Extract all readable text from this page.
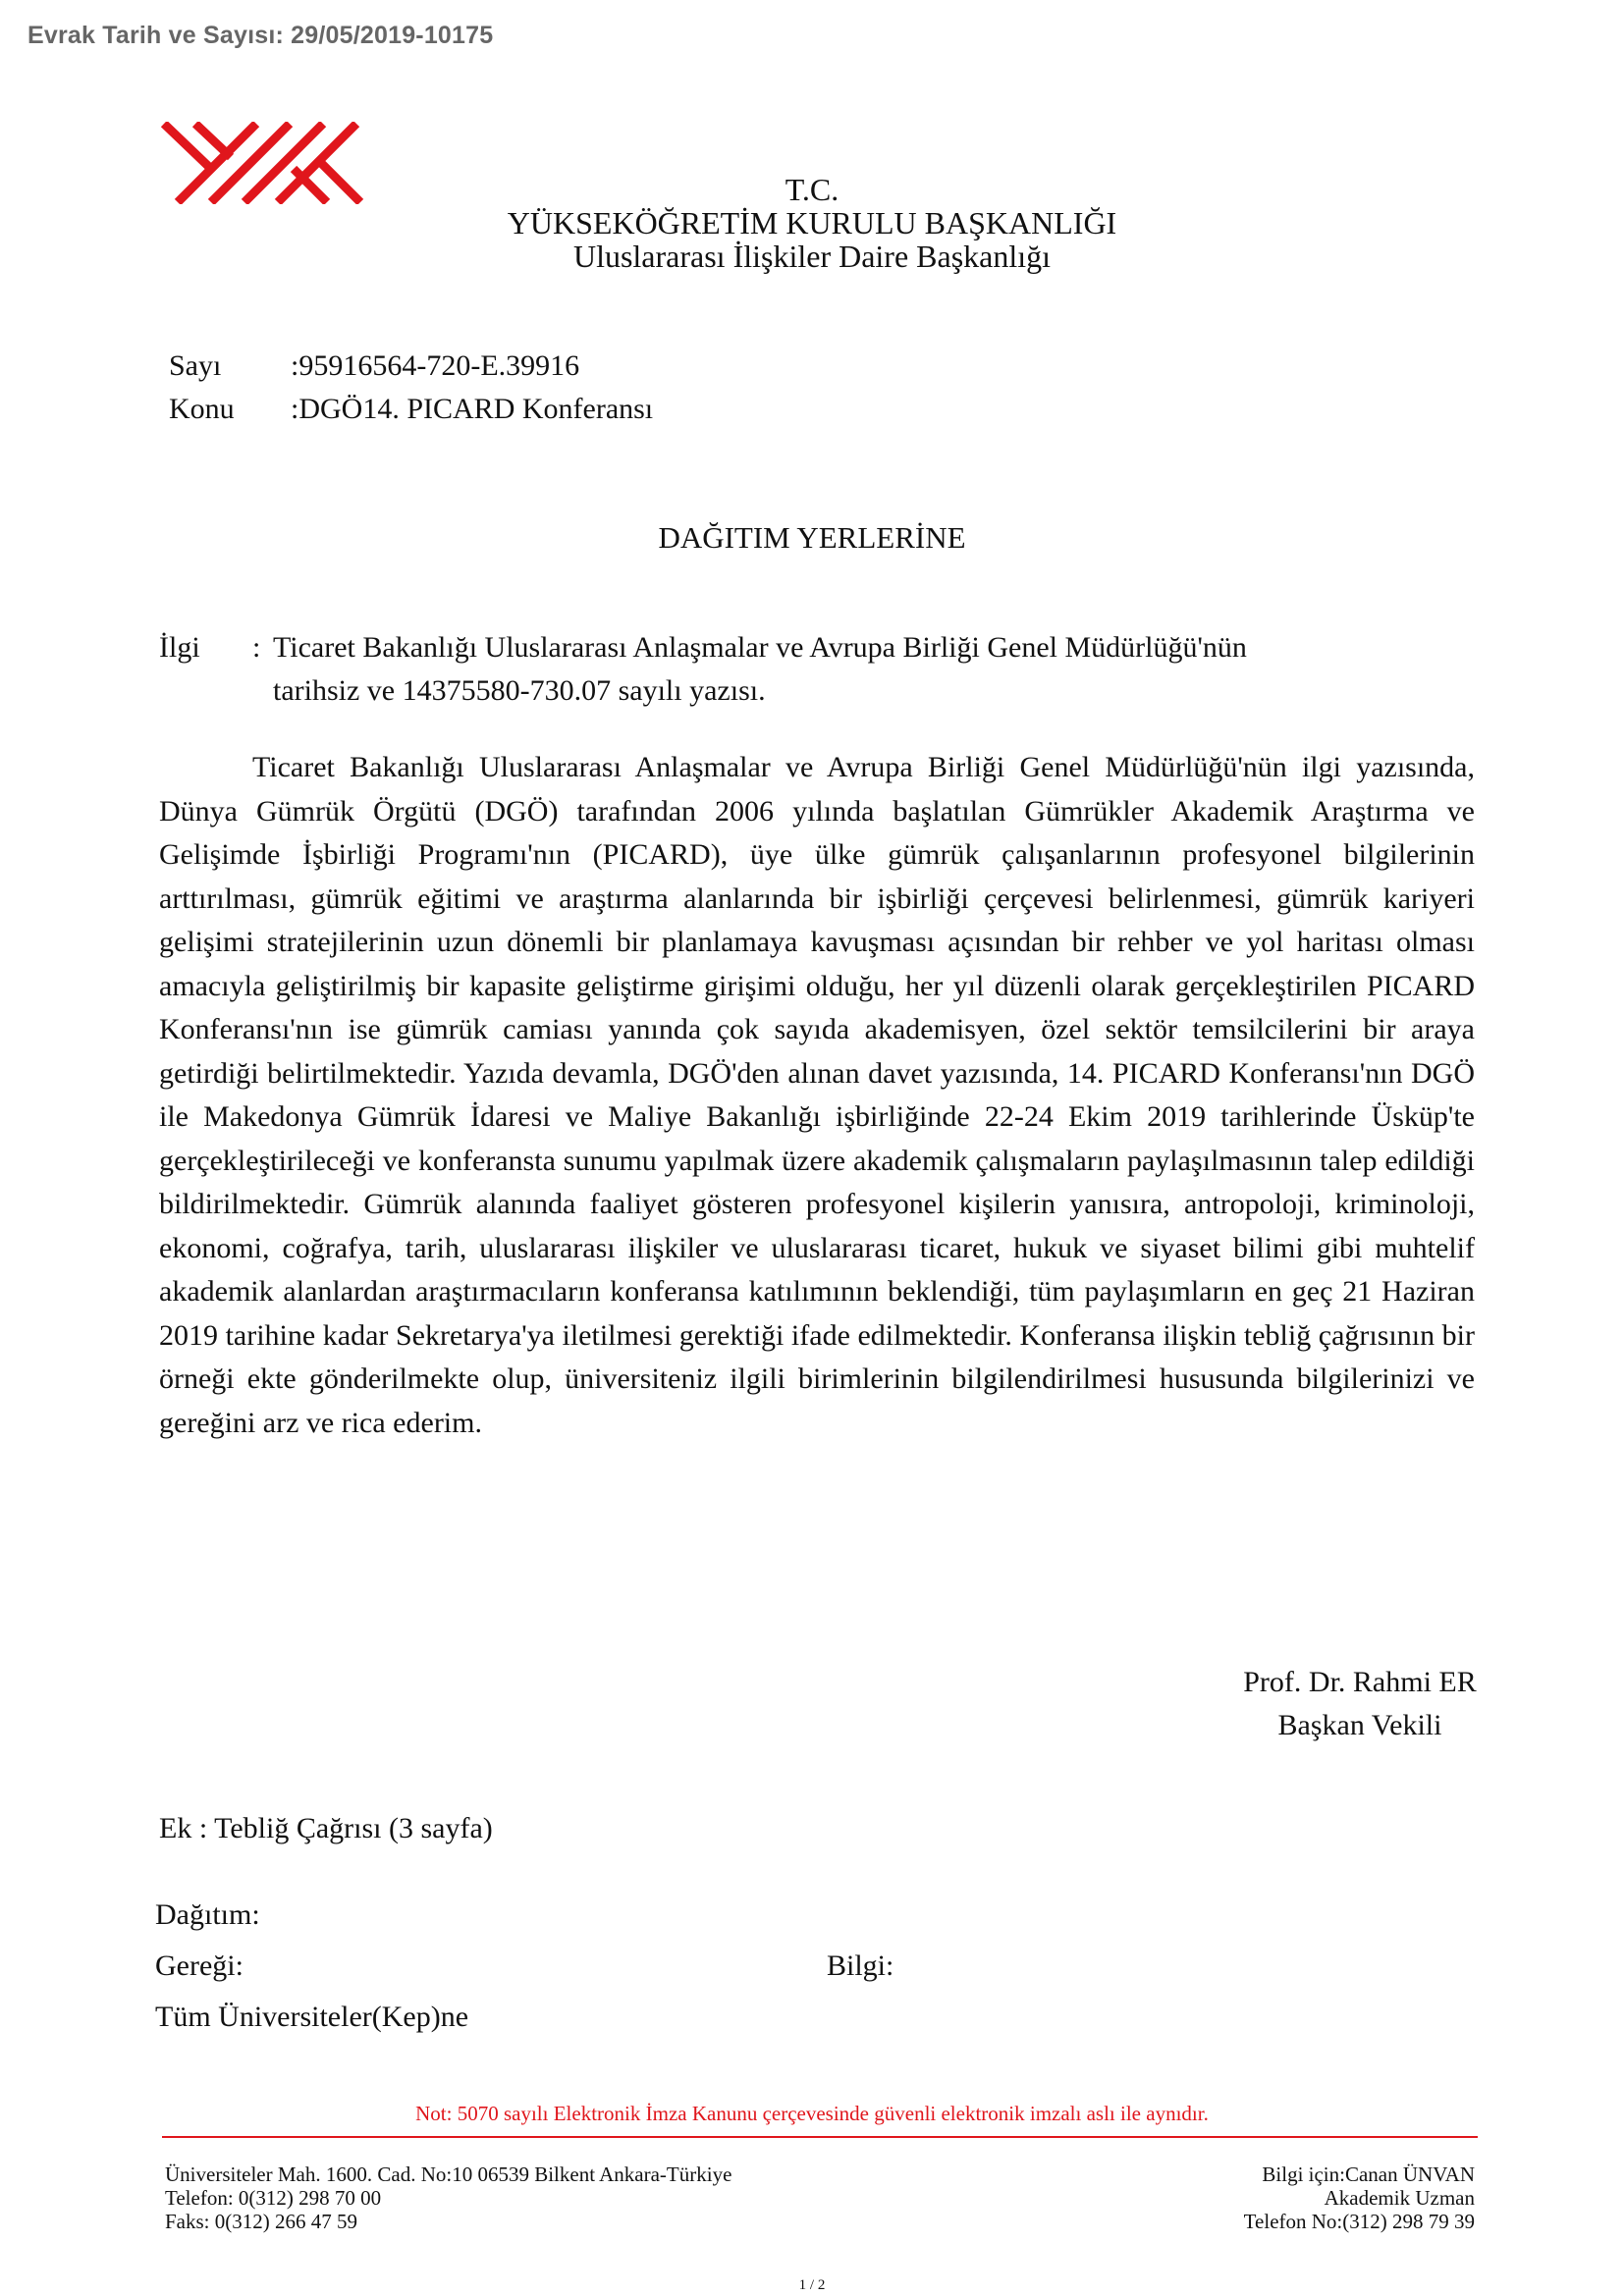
Evrak Tarih ve Sayısı: 29/05/2019-10175
T.C.
YÜKSEKÖĞRETİM KURULU BAŞKANLIĞI
Uluslararası İlişkiler Daire Başkanlığı
Sayı :95916564-720-E.39916
Konu :DGÖ14. PICARD Konferansı
DAĞITIM YERLERİNE
İlgi : Ticaret Bakanlığı Uluslararası Anlaşmalar ve Avrupa Birliği Genel Müdürlüğü'nün
tarihsiz ve 14375580-730.07 sayılı yazısı.

Ticaret Bakanlığı Uluslararası Anlaşmalar ve Avrupa Birliği Genel Müdürlüğü'nün ilgi yazısında, Dünya Gümrük Örgütü (DGÖ) tarafından 2006 yılında başlatılan Gümrükler Akademik Araştırma ve Gelişimde İşbirliği Programı'nın (PICARD), üye ülke gümrük çalışanlarının profesyonel bilgilerinin arttırılması, gümrük eğitimi ve araştırma alanlarında bir işbirliği çerçevesi belirlenmesi, gümrük kariyeri gelişimi stratejilerinin uzun dönemli bir planlamaya kavuşması açısından bir rehber ve yol haritası olması amacıyla geliştirilmiş bir kapasite geliştirme girişimi olduğu, her yıl düzenli olarak gerçekleştirilen PICARD Konferansı'nın ise gümrük camiası yanında çok sayıda akademisyen, özel sektör temsilcilerini bir araya getirdiği belirtilmektedir. Yazıda devamla, DGÖ'den alınan davet yazısında, 14. PICARD Konferansı'nın DGÖ ile Makedonya Gümrük İdaresi ve Maliye Bakanlığı işbirliğinde 22-24 Ekim 2019 tarihlerinde Üsküp'te gerçekleştirileceği ve konferansta sunumu yapılmak üzere akademik çalışmaların paylaşılmasının talep edildiği bildirilmektedir. Gümrük alanında faaliyet gösteren profesyonel kişilerin yanısıra, antropoloji, kriminoloji, ekonomi, coğrafya, tarih, uluslararası ilişkiler ve uluslararası ticaret, hukuk ve siyaset bilimi gibi muhtelif akademik alanlardan araştırmacıların konferansa katılımının beklendiği, tüm paylaşımların en geç 21 Haziran 2019 tarihine kadar Sekretarya'ya iletilmesi gerektiği ifade edilmektedir. Konferansa ilişkin tebliğ çağrısının bir örneği ekte gönderilmekte olup, üniversiteniz ilgili birimlerinin bilgilendirilmesi hususunda bilgilerinizi ve gereğini arz ve rica ederim.

Prof. Dr. Rahmi ER
Başkan Vekili
Ek : Tebliğ Çağrısı (3 sayfa)
Dağıtım:
Gereği:
Tüm Üniversiteler(Kep)ne
Bilgi:
Not: 5070 sayılı Elektronik İmza Kanunu çerçevesinde güvenli elektronik imzalı aslı ile aynıdır.
Üniversiteler Mah. 1600. Cad. No:10 06539 Bilkent Ankara-Türkiye
Telefon: 0(312) 298 70 00
Faks: 0(312) 266 47 59
Bilgi için:Canan ÜNVAN
Akademik Uzman
Telefon No:(312) 298 79 39
1 / 2
